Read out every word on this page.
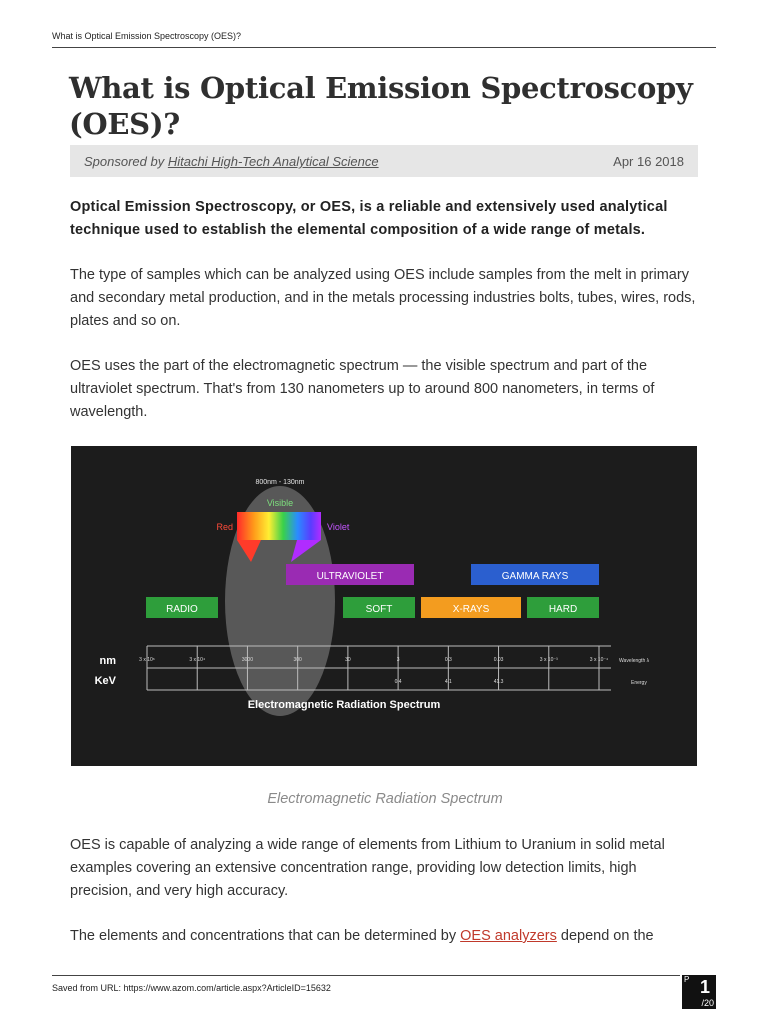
What is Optical Emission Spectroscopy (OES)?
What is Optical Emission Spectroscopy (OES)?
Sponsored by Hitachi High-Tech Analytical Science	Apr 16 2018

Optical Emission Spectroscopy, or OES, is a reliable and extensively used analytical technique used to establish the elemental composition of a wide range of metals.

The type of samples which can be analyzed using OES include samples from the melt in primary and secondary metal production, and in the metals processing industries bolts, tubes, wires, rods, plates and so on.

OES uses the part of the electromagnetic spectrum — the visible spectrum and part of the ultraviolet spectrum. That's from 130 nanometers up to around 800 nanometers, in terms of wavelength.

800nm - 130nm
Visible
Red	Violet
ULTRAVIOLET	GAMMA RAYS
RADIO	SOFT	X-RAYS	HARD
nm
KeV
3 x 10⁶	3 x 10⁴	3000	300	30	3	0.3	0.03	3 x 10⁻³	3 x 10⁻⁴
0.4	4.1	41.3
Wavelength λ
Energy
Electromagnetic Radiation Spectrum
Electromagnetic Radiation Spectrum

OES is capable of analyzing a wide range of elements from Lithium to Uranium in solid metal examples covering an extensive concentration range, providing low detection limits, high precision, and very high accuracy.

The elements and concentrations that can be determined by OES analyzers depend on the

Saved from URL: https://www.azom.com/article.aspx?ArticleID=15632
P 1
/20
